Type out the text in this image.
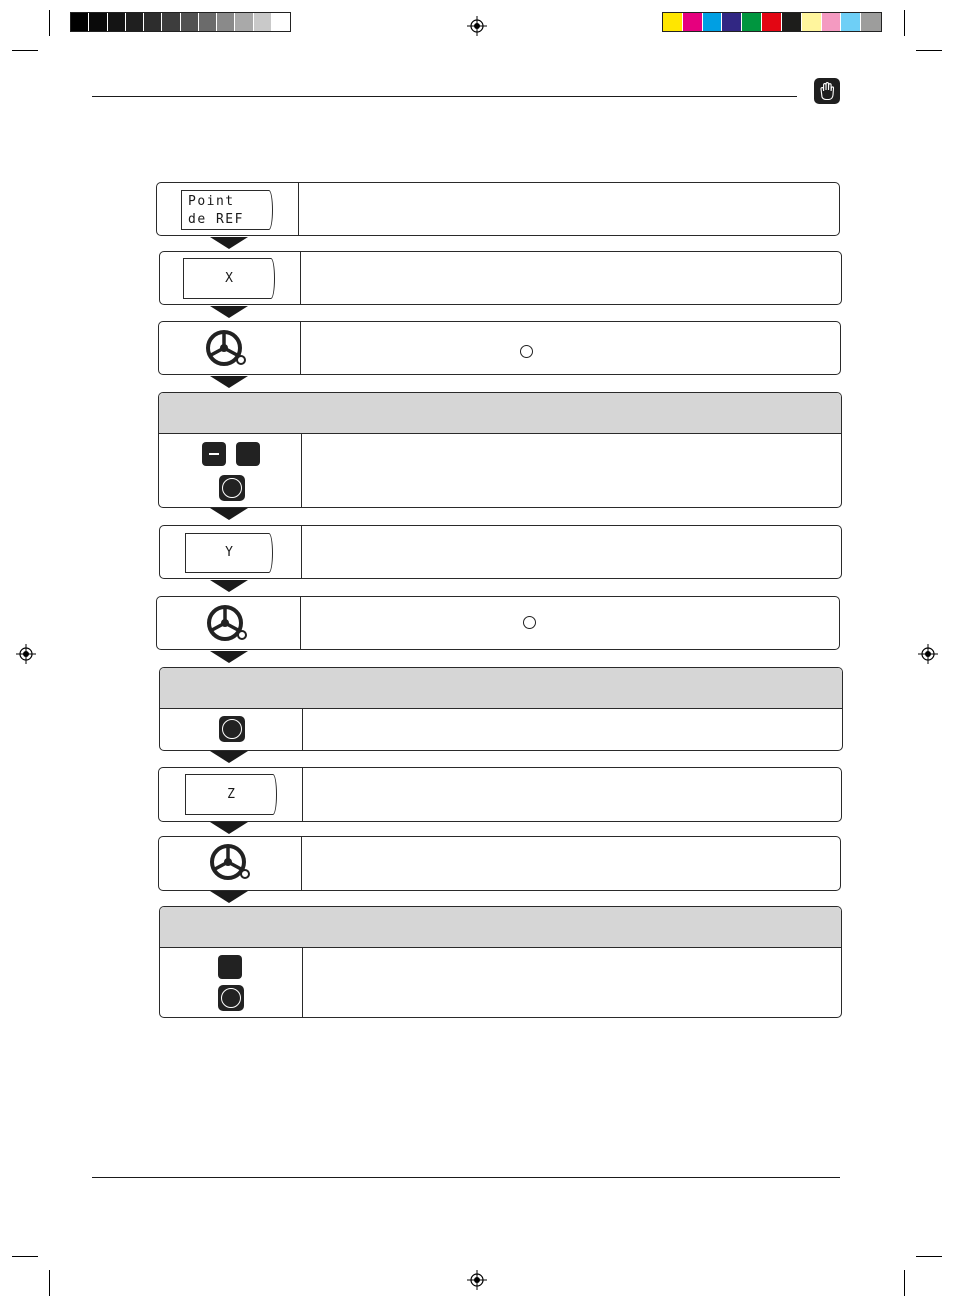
Point
de REF
X
Y
Z
